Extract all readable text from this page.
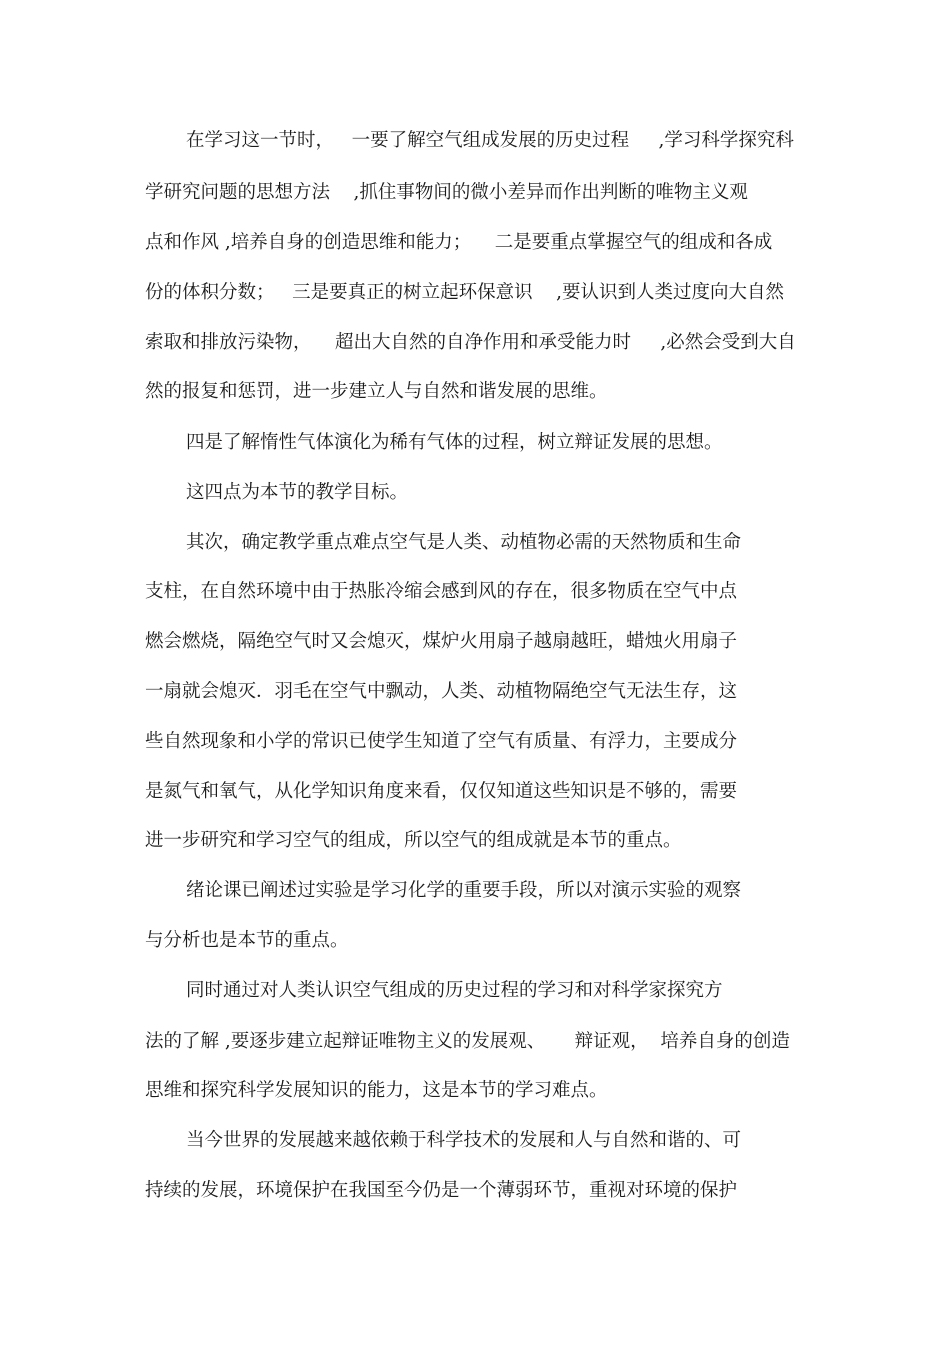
在学习这一节时，   一要了解空气组成发展的历史过程     ,学习科学探究科
学研究问题的思想方法    ,抓住事物间的微小差异而作出判断的唯物主义观
点和作风 ,培养自身的创造思维和能力；    二是要重点掌握空气的组成和各成
份的体积分数；   三是要真正的树立起环保意识    ,要认识到人类过度向大自然
索取和排放污染物，    超出大自然的自净作用和承受能力时     ,必然会受到大自
然的报复和惩罚，进一步建立人与自然和谐发展的思维。
四是了解惰性气体演化为稀有气体的过程，树立辩证发展的思想。
这四点为本节的教学目标。
其次，确定教学重点难点空气是人类、动植物必需的天然物质和生命
支柱，在自然环境中由于热胀冷缩会感到风的存在，很多物质在空气中点
燃会燃烧，隔绝空气时又会熄灭，煤炉火用扇子越扇越旺，蜡烛火用扇子
一扇就会熄灭．羽毛在空气中飘动，人类、动植物隔绝空气无法生存，这
些自然现象和小学的常识已使学生知道了空气有质量、有浮力，主要成分
是氮气和氧气，从化学知识角度来看，仅仅知道这些知识是不够的，需要
进一步研究和学习空气的组成，所以空气的组成就是本节的重点。
绪论课已阐述过实验是学习化学的重要手段，所以对演示实验的观察
与分析也是本节的重点。
同时通过对人类认识空气组成的历史过程的学习和对科学家探究方
法的了解 ,要逐步建立起辩证唯物主义的发展观、     辩证观，  培养自身的创造
思维和探究科学发展知识的能力，这是本节的学习难点。
当今世界的发展越来越依赖于科学技术的发展和人与自然和谐的、可
持续的发展，环境保护在我国至今仍是一个薄弱环节，重视对环境的保护
